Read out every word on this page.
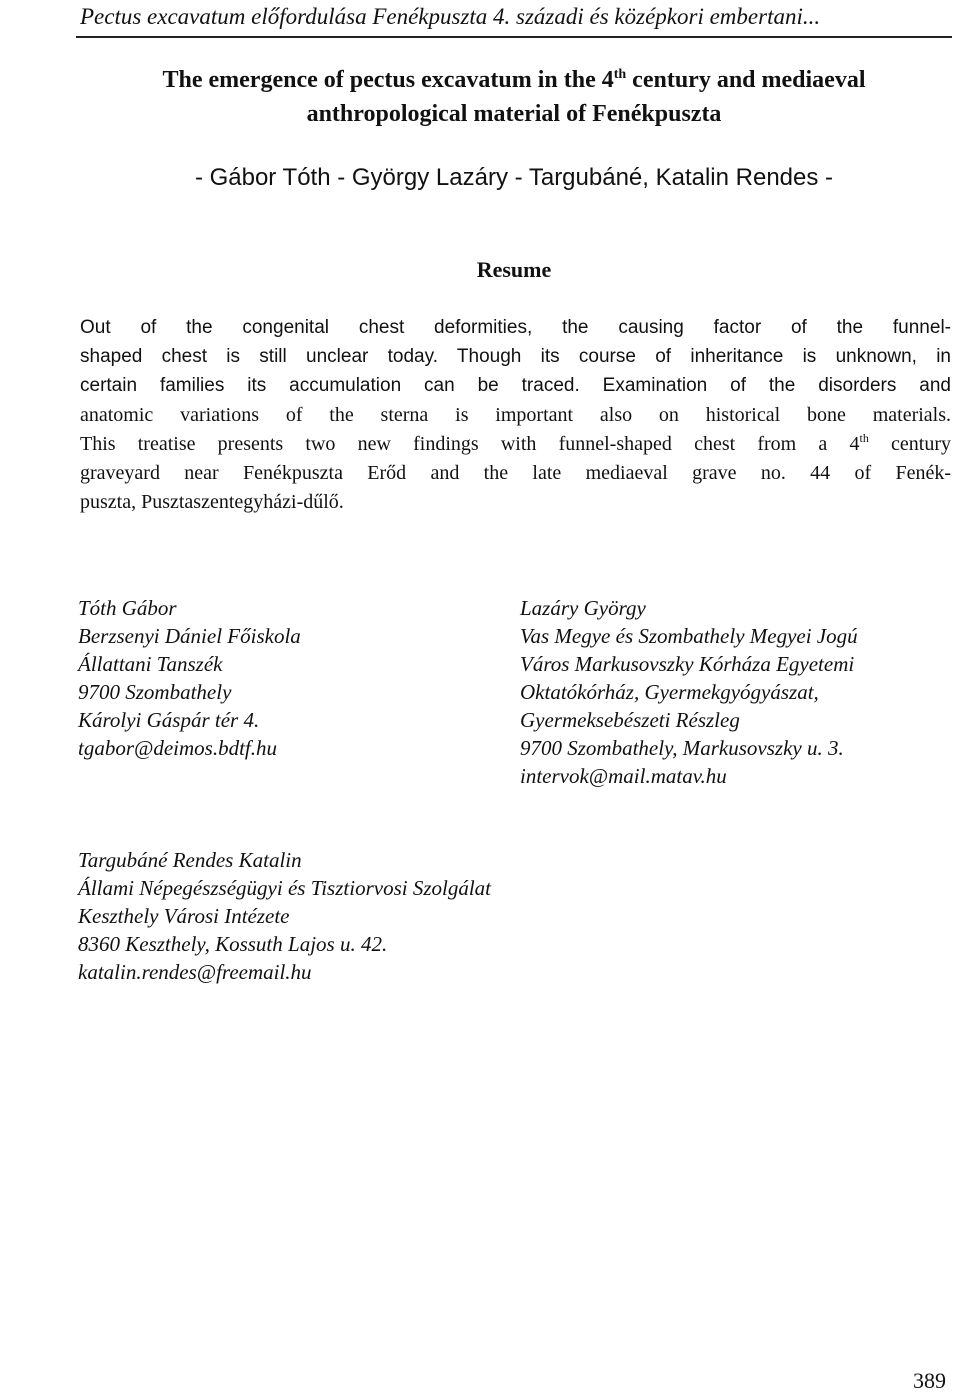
Pectus excavatum előfordulása Fenékpuszta 4. századi és középkori embertani...
The emergence of pectus excavatum in the 4th century and mediaeval
anthropological material of Fenékpuszta
- Gábor Tóth - György Lazáry - Targubáné, Katalin Rendes -
Resume
Out of the congenital chest deformities, the causing factor of the funnel-
shaped chest is still unclear today. Though its course of inheritance is unknown, in
certain families its accumulation can be traced. Examination of the disorders and
anatomic variations of the sterna is important also on historical bone materials.
This treatise presents two new findings with funnel-shaped chest from a 4th century
graveyard near Fenékpuszta Erőd and the late mediaeval grave no. 44 of Fenék-
puszta, Pusztaszentegyházi-dűlő.
Tóth Gábor
Berzsenyi Dániel Főiskola
Állattani Tanszék
9700 Szombathely
Károlyi Gáspár tér 4.
tgabor@deimos.bdtf.hu
Lazáry György
Vas Megye és Szombathely Megyei Jogú
Város Markusovszky Kórháza Egyetemi
Oktatókórház, Gyermekgyógyászat,
Gyermeksebészeti Részleg
9700 Szombathely, Markusovszky u. 3.
intervok@mail.matav.hu
Targubáné Rendes Katalin
Állami Népegészségügyi és Tisztiorvosi Szolgálat
Keszthely Városi Intézete
8360 Keszthely, Kossuth Lajos u. 42.
katalin.rendes@freemail.hu
389
